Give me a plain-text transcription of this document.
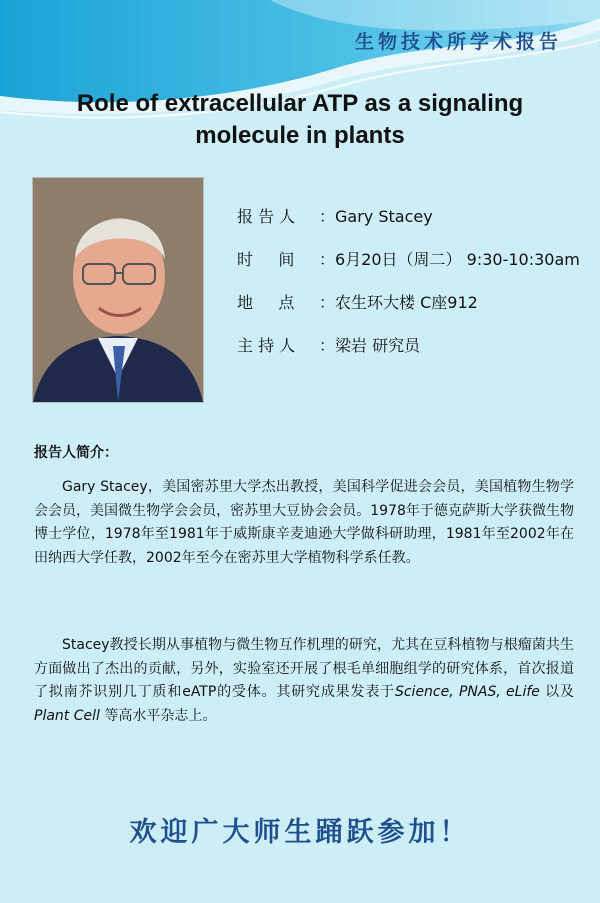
生物技术所学术报告
Role of extracellular ATP as a signaling
molecule in plants
报 告 人 ：Gary Stacey
时     间 ：6月20日（周二） 9:30-10:30am
地     点 ：农生环大楼 C座912
主 持 人 ：梁岩 研究员
报告人简介：
Gary Stacey，美国密苏里大学杰出教授，美国科学促进会会员，美国植物生物学会会员，美国微生物学会会员，密苏里大豆协会会员。1978年于德克萨斯大学获微生物博士学位，1978年至1981年于威斯康辛麦迪逊大学做科研助理，1981年至2002年在田纳西大学任教，2002年至今在密苏里大学植物科学系任教。
Stacey教授长期从事植物与微生物互作机理的研究，尤其在豆科植物与根瘤菌共生方面做出了杰出的贡献，另外，实验室还开展了根毛单细胞组学的研究体系，首次报道了拟南芥识别几丁质和eATP的受体。其研究成果发表于Science, PNAS, eLife 以及Plant Cell 等高水平杂志上。
欢迎广大师生踊跃参加！
